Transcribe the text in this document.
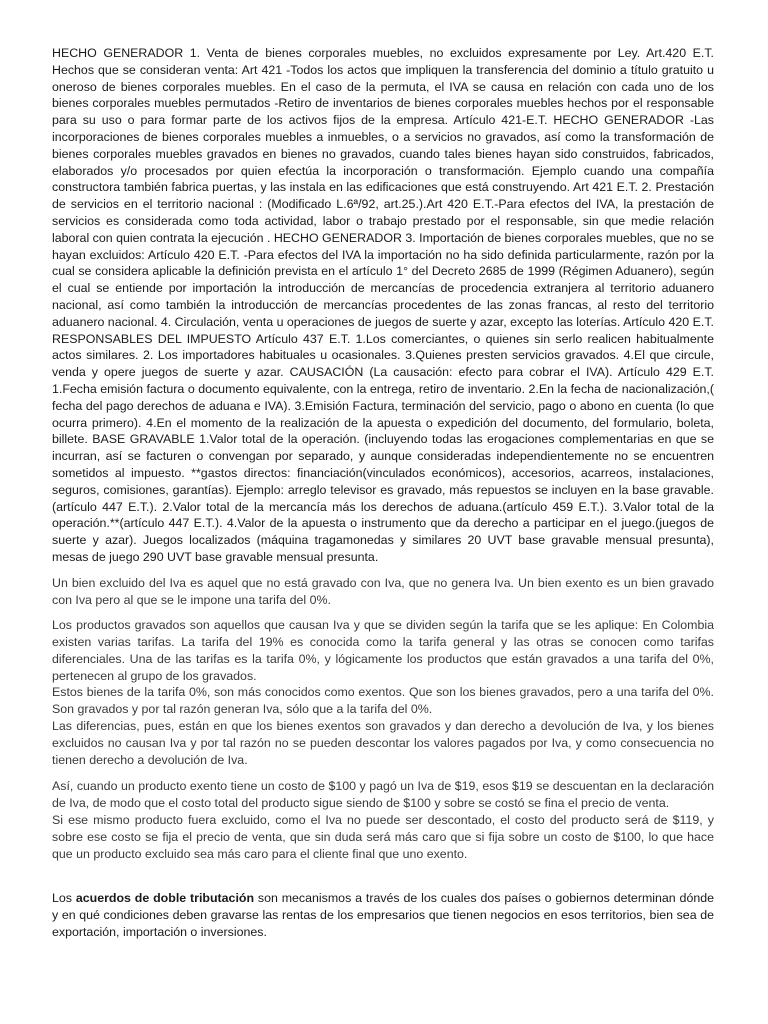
HECHO GENERADOR 1. Venta de bienes corporales muebles, no excluidos expresamente por Ley. Art.420 E.T. Hechos que se consideran venta: Art 421 -Todos los actos que impliquen la transferencia del dominio a título gratuito u oneroso de bienes corporales muebles. En el caso de la permuta, el IVA se causa en relación con cada uno de los bienes corporales muebles permutados -Retiro de inventarios de bienes corporales muebles hechos por el responsable para su uso o para formar parte de los activos fijos de la empresa. Artículo 421-E.T. HECHO GENERADOR -Las incorporaciones de bienes corporales muebles a inmuebles, o a servicios no gravados, así como la transformación de bienes corporales muebles gravados en bienes no gravados, cuando tales bienes hayan sido construidos, fabricados, elaborados y/o procesados por quien efectúa la incorporación o transformación. Ejemplo cuando una compañía constructora también fabrica puertas, y las instala en las edificaciones que está construyendo. Art 421 E.T. 2. Prestación de servicios en el territorio nacional : (Modificado L.6ª/92, art.25.).Art 420 E.T.-Para efectos del IVA, la prestación de servicios es considerada como toda actividad, labor o trabajo prestado por el responsable, sin que medie relación laboral con quien contrata la ejecución . HECHO GENERADOR 3. Importación de bienes corporales muebles, que no se hayan excluidos: Artículo 420 E.T. -Para efectos del IVA la importación no ha sido definida particularmente, razón por la cual se considera aplicable la definición prevista en el artículo 1° del Decreto 2685 de 1999 (Régimen Aduanero), según el cual se entiende por importación la introducción de mercancías de procedencia extranjera al territorio aduanero nacional, así como también la introducción de mercancías procedentes de las zonas francas, al resto del territorio aduanero nacional. 4. Circulación, venta u operaciones de juegos de suerte y azar, excepto las loterías. Artículo 420 E.T. RESPONSABLES DEL IMPUESTO Artículo 437 E.T. 1.Los comerciantes, o quienes sin serlo realicen habitualmente actos similares. 2. Los importadores habituales u ocasionales. 3.Quienes presten servicios gravados. 4.El que circule, venda y opere juegos de suerte y azar. CAUSACIÓN (La causación: efecto para cobrar el IVA). Artículo 429 E.T. 1.Fecha emisión factura o documento equivalente, con la entrega, retiro de inventario. 2.En la fecha de nacionalización,( fecha del pago derechos de aduana e IVA). 3.Emisión Factura, terminación del servicio, pago o abono en cuenta (lo que ocurra primero). 4.En el momento de la realización de la apuesta o expedición del documento, del formulario, boleta, billete. BASE GRAVABLE 1.Valor total de la operación. (incluyendo todas las erogaciones complementarias en que se incurran, así se facturen o convengan por separado, y aunque consideradas independientemente no se encuentren sometidos al impuesto. **gastos directos: financiación(vinculados económicos), accesorios, acarreos, instalaciones, seguros, comisiones, garantías). Ejemplo: arreglo televisor es gravado, más repuestos se incluyen en la base gravable. (artículo 447 E.T.). 2.Valor total de la mercancía más los derechos de aduana.(artículo 459 E.T.). 3.Valor total de la operación.**(artículo 447 E.T.). 4.Valor de la apuesta o instrumento que da derecho a participar en el juego.(juegos de suerte y azar). Juegos localizados (máquina tragamonedas y similares 20 UVT base gravable mensual presunta), mesas de juego 290 UVT base gravable mensual presunta.

Un bien excluido del Iva es aquel que no está gravado con Iva, que no genera Iva. Un bien exento es un bien gravado con Iva pero al que se le impone una tarifa del 0%.

Los productos gravados son aquellos que causan Iva y que se dividen según la tarifa que se les aplique: En Colombia existen varias tarifas. La tarifa del 19% es conocida como la tarifa general y las otras se conocen como tarifas diferenciales. Una de las tarifas es la tarifa 0%, y lógicamente los productos que están gravados a una tarifa del 0%, pertenecen al grupo de los gravados.

Estos bienes de la tarifa 0%, son más conocidos como exentos. Que son los bienes gravados, pero a una tarifa del 0%. Son gravados y por tal razón generan Iva, sólo que a la tarifa del 0%.

Las diferencias, pues, están en que los bienes exentos son gravados y dan derecho a devolución de Iva, y los bienes excluidos no causan Iva y por tal razón no se pueden descontar los valores pagados por Iva, y como consecuencia no tienen derecho a devolución de Iva.

Así, cuando un producto exento tiene un costo de $100 y pagó un Iva de $19, esos $19 se descuentan en la declaración de Iva, de modo que el costo total del producto sigue siendo de $100 y sobre se costó se fina el precio de venta.

Si ese mismo producto fuera excluido, como el Iva no puede ser descontado, el costo del producto será de $119, y sobre ese costo se fija el precio de venta, que sin duda será más caro que si fija sobre un costo de $100, lo que hace que un producto excluido sea más caro para el cliente final que uno exento.

Los acuerdos de doble tributación son mecanismos a través de los cuales dos países o gobiernos determinan dónde y en qué condiciones deben gravarse las rentas de los empresarios que tienen negocios en esos territorios, bien sea de exportación, importación o inversiones.
